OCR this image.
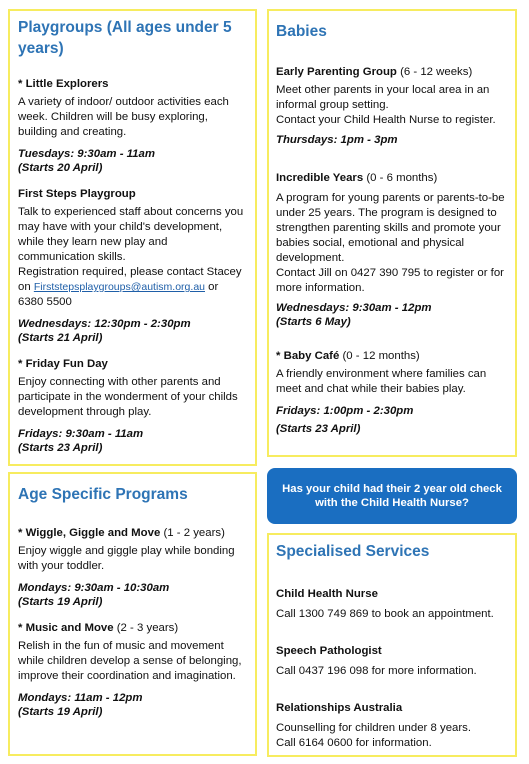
Playgroups (All ages under 5 years)

* Little Explorers

A variety of indoor/ outdoor activities each week. Children will be busy exploring, building and creating.

Tuesdays: 9:30am - 11am

(Starts 20 April)

First Steps Playgroup

Talk to experienced staff about concerns you may have with your child's development, while they learn new play and communication skills.

Registration required, please contact Stacey on Firststepsplaygroups@autism.org.au or

6380 5500

Wednesdays: 12:30pm - 2:30pm

(Starts 21 April)

* Friday Fun Day

Enjoy connecting with other parents and participate in the wonderment of your childs development through play.

Fridays: 9:30am - 11am

(Starts 23 April)

Age Specific Programs

* Wiggle, Giggle and Move (1 - 2 years)

Enjoy wiggle and giggle play while bonding with your toddler.

Mondays: 9:30am - 10:30am

(Starts 19 April)

* Music and Move (2 - 3 years)

Relish in the fun of music and movement while children develop a sense of belonging, improve their coordination and imagination.

Mondays: 11am - 12pm

(Starts 19 April)

Babies

Early Parenting Group (6 - 12 weeks)

Meet other parents in your local area in an informal group setting.

Contact your Child Health Nurse to register.

Thursdays: 1pm - 3pm

Incredible Years (0 - 6 months)

A program for young parents or parents-to-be under 25 years. The program is designed to strengthen parenting skills and promote your babies social, emotional and physical development.

Contact Jill on 0427 390 795 to register or for more information.

Wednesdays: 9:30am - 12pm

(Starts 6 May)

* Baby Café (0 - 12 months)

A friendly environment where families can meet and chat while their babies play.

Fridays: 1:00pm - 2:30pm

(Starts 23 April)

Has your child had their 2 year old check with the Child Health Nurse?
Specialised Services

Child Health Nurse

Call 1300 749 869 to book an appointment.

Speech Pathologist

Call 0437 196 098 for more information.

Relationships Australia

Counselling for children under 8 years.

Call 6164 0600 for information.
